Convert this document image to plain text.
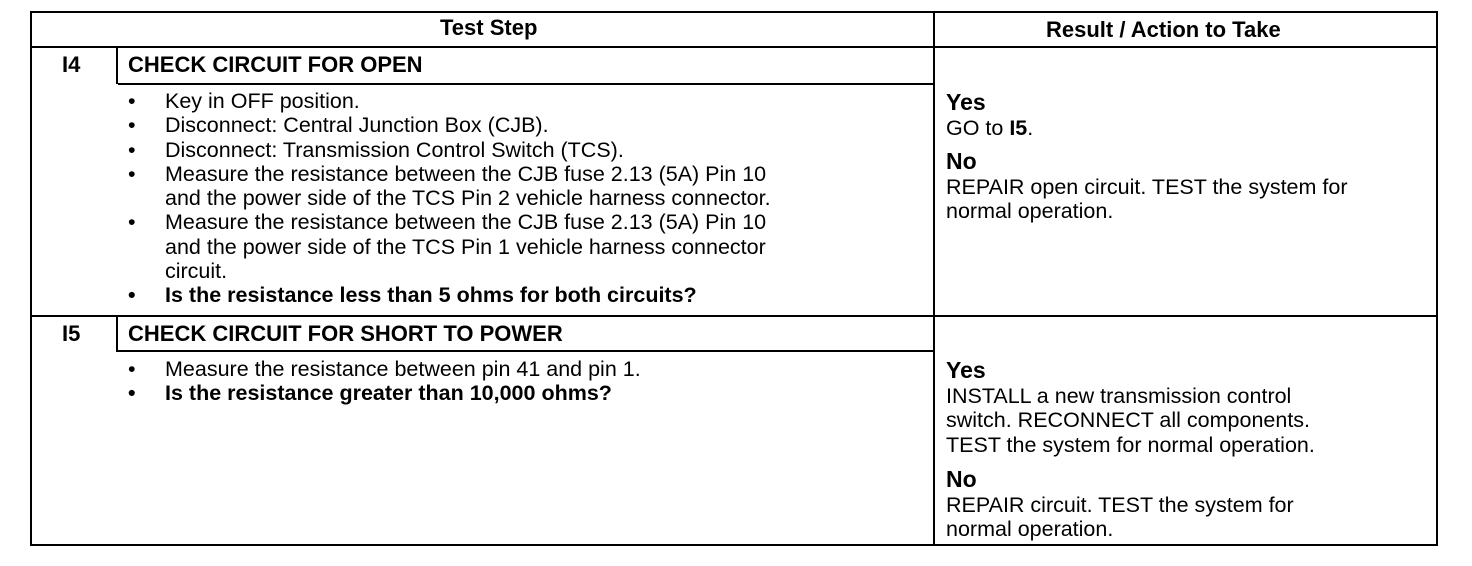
Test Step	Result / Action to Take
I4 CHECK CIRCUIT FOR OPEN
• Key in OFF position.
• Disconnect: Central Junction Box (CJB).
• Disconnect: Transmission Control Switch (TCS).
• Measure the resistance between the CJB fuse 2.13 (5A) Pin 10
and the power side of the TCS Pin 2 vehicle harness connector.
• Measure the resistance between the CJB fuse 2.13 (5A) Pin 10
and the power side of the TCS Pin 1 vehicle harness connector
circuit.
• Is the resistance less than 5 ohms for both circuits?
Yes
GO to I5.
No
REPAIR open circuit. TEST the system for
normal operation.
I5 CHECK CIRCUIT FOR SHORT TO POWER
• Measure the resistance between pin 41 and pin 1.
• Is the resistance greater than 10,000 ohms?
Yes
INSTALL a new transmission control
switch. RECONNECT all components.
TEST the system for normal operation.
No
REPAIR circuit. TEST the system for
normal operation.
